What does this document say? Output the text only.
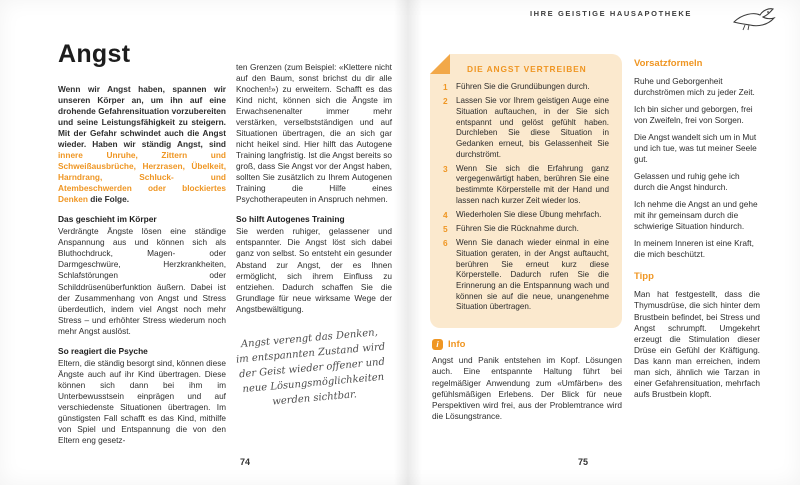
IHRE GEISTIGE HAUSAPOTHEKE
Angst

Wenn wir Angst haben, spannen wir unseren Körper an, um ihn auf eine drohende Gefahrensituation vorzubereiten und seine Leistungsfähigkeit zu steigern. Mit der Gefahr schwindet auch die Angst wieder. Haben wir ständig Angst, sind innere Unruhe, Zittern und Schweißausbrüche, Herzrasen, Übelkeit, Harndrang, Schluck- und Atembeschwerden oder blockiertes Denken die Folge.

Das geschieht im Körper

Verdrängte Ängste lösen eine ständige Anspannung aus und können sich als Bluthochdruck, Magen- oder Darmgeschwüre, Herzkrankheiten, Schlafstörungen oder Schilddrüsenüberfunktion äußern. Dabei ist der Zusammenhang von Angst und Stress überdeutlich, indem viel Angst noch mehr Stress – und erhöhter Stress wiederum noch mehr Angst auslöst.

So reagiert die Psyche

Eltern, die ständig besorgt sind, können diese Ängste auch auf ihr Kind übertragen. Diese können sich dann bei ihm im Unterbewusstsein einprägen und auf verschiedenste Situationen übertragen. Im günstigsten Fall schafft es das Kind, mithilfe von Spiel und Entspannung die von den Eltern eng gesetz-

ten Grenzen (zum Beispiel: «Klettere nicht auf den Baum, sonst brichst du dir alle Knochen!») zu erweitern. Schafft es das Kind nicht, können sich die Ängste im Erwachsenenalter immer mehr verstärken, verselbstständigen und auf Situationen übertragen, die an sich gar nicht heikel sind. Hier hilft das Autogene Training langfristig. Ist die Angst bereits so groß, dass Sie Angst vor der Angst haben, sollten Sie zusätzlich zu Ihrem Autogenen Training die Hilfe eines Psychotherapeuten in Anspruch nehmen.

So hilft Autogenes Training

Sie werden ruhiger, gelassener und entspannter. Die Angst löst sich dabei ganz von selbst. So entsteht ein gesunder Abstand zur Angst, der es Ihnen ermöglicht, sich ihrem Einfluss zu entziehen. Dadurch schaffen Sie die Grundlage für neue wirksame Wege der Angstbewältigung.

Angst verengt das Denken, im entspannten Zustand wird der Geist wieder offener und neue Lösungsmöglichkeiten werden sichtbar.
74
DIE ANGST VERTREIBEN
1	Führen Sie die Grundübungen durch.
2	Lassen Sie vor Ihrem geistigen Auge eine Situation auftauchen, in der Sie sich entspannt und gelöst gefühlt haben. Durchleben Sie diese Situation in Gedanken erneut, bis Gelassenheit Sie durchströmt.
3	Wenn Sie sich die Erfahrung ganz vergegenwärtigt haben, berühren Sie eine bestimmte Körperstelle mit der Hand und lassen nach kurzer Zeit wieder los.
4	Wiederholen Sie diese Übung mehrfach.
5	Führen Sie die Rücknahme durch.
6	Wenn Sie danach wieder einmal in eine Situation geraten, in der Angst auftaucht, berühren Sie erneut kurz diese Körperstelle. Dadurch rufen Sie die Erinnerung an die Entspannung wach und können sie auf die neue, unangenehme Situation übertragen.
i Info

Angst und Panik entstehen im Kopf. Lösungen auch. Eine entspannte Haltung führt bei regelmäßiger Anwendung zum «Umfärben» des gefühlsmäßigen Erlebens. Der Blick für neue Perspektiven wird frei, aus der Problemtrance wird die Lösungstrance.

Vorsatzformeln

Ruhe und Geborgenheit durchströmen mich zu jeder Zeit.

Ich bin sicher und geborgen, frei von Zweifeln, frei von Sorgen.

Die Angst wandelt sich um in Mut und ich tue, was tut meiner Seele gut.

Gelassen und ruhig gehe ich durch die Angst hindurch.

Ich nehme die Angst an und gehe mit ihr gemeinsam durch die schwierige Situation hindurch.

In meinem Inneren ist eine Kraft, die mich beschützt.

Tipp

Man hat festgestellt, dass die Thymusdrüse, die sich hinter dem Brustbein befindet, bei Stress und Angst schrumpft. Umgekehrt erzeugt die Stimulation dieser Drüse ein Gefühl der Kräftigung. Das kann man erreichen, indem man sich, ähnlich wie Tarzan in einer Gefahrensituation, mehrfach aufs Brustbein klopft.

75
